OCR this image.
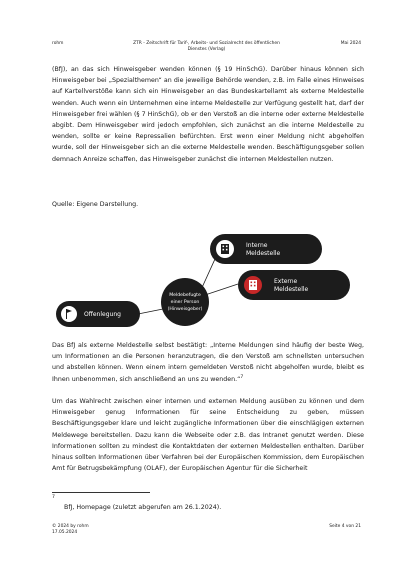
rohm	ZTR - Zeitschrift für Tarif-, Arbeits- und Sozialrecht des öffentlichen
Dienstes (Verlag)
Mai 2024

(BfJ), an das sich Hinweisgeber wenden können (§ 19 HinSchG). Darüber hinaus können sich Hinweisgeber bei „Spezialthemen“ an die jeweilige Behörde wenden, z.B. im Falle eines Hinweises auf Kartellverstöße kann sich ein Hinweisgeber an das Bundeskartellamt als externe Meldestelle wenden. Auch wenn ein Unternehmen eine interne Meldestelle zur Verfügung gestellt hat, darf der Hinweisgeber frei wählen (§ 7 HinSchG), ob er den Verstoß an die interne oder externe Meldestelle abgibt. Dem Hinweisgeber wird jedoch empfohlen, sich zunächst an die interne Meldestelle zu wenden, sollte er keine Repressalien befürchten. Erst wenn einer Meldung nicht abgeholfen wurde, soll der Hinweisgeber sich an die externe Meldestelle wenden. Beschäftigungsgeber sollen demnach Anreize schaffen, das Hinweisgeber zunächst die internen Meldestellen nutzen.

Quelle: Eigene Darstellung.
Interne
Meldestelle
Externe
Meldestelle
Meldebefugte
einer Person
(Hinweisgeber)
Offenlegung

Das BfJ als externe Meldestelle selbst bestätigt: „Interne Meldungen sind häufig der beste Weg, um Informationen an die Personen heranzutragen, die den Verstoß am schnellsten untersuchen und abstellen können. Wenn einem intern gemeldeten Verstoß nicht abgeholfen wurde, bleibt es Ihnen unbenommen, sich anschließend an uns zu wenden.“$^7$

Um das Wahlrecht zwischen einer internen und externen Meldung ausüben zu können und dem Hinweisgeber genug Informationen für seine Entscheidung zu geben, müssen Beschäftigungsgeber klare und leicht zugängliche Informationen über die einschlägigen externen Meldewege bereitstellen. Dazu kann die Webseite oder z.B. das Intranet genutzt werden. Diese Informationen sollten zu mindest die Kontaktdaten der externen Meldestellen enthalten. Darüber hinaus sollten Informationen über Verfahren bei der Europäischen Kommission, dem Europäischen Amt für Betrugsbekämpfung (OLAF), der Europäischen Agentur für die Sicherheit

7
BfJ, Homepage (zuletzt abgerufen am 26.1.2024).
© 2024 by rohm
17.05.2024
Seite 4 von 21
